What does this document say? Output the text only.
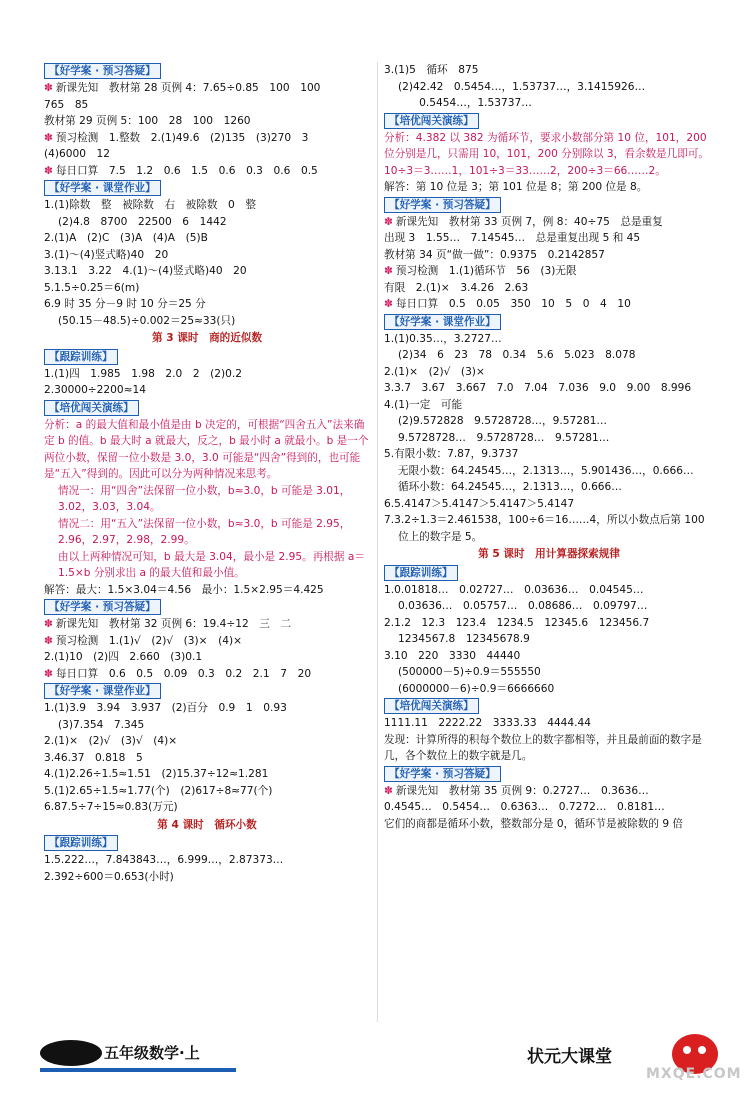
【好学案 · 预习答疑】
✽ 新课先知　教材第 28 页例 4：7.65÷0.85　100　100
765　85
教材第 29 页例 5：100　28　100　1260
✽ 预习检测　1.整数　2.(1)49.6　(2)135　(3)270　3
(4)6000　12
✽ 每日口算　7.5　1.2　0.6　1.5　0.6　0.3　0.6　0.5
【好学案 · 课堂作业】
1.(1)除数　整　被除数　右　被除数　0　整
(2)4.8　8700　22500　6　1442
2.(1)A　(2)C　(3)A　(4)A　(5)B
3.(1)～(4)竖式略)40　20
3.13.1　3.22　4.(1)～(4)竖式略)40　20
5.1.5÷0.25＝6(m)
6.9 时 35 分－9 时 10 分＝25 分
(50.15－48.5)÷0.002＝25≈33(只)
第 3 课时　商的近似数
【跟踪训练】
1.(1)四　1.985　1.98　2.0　2　(2)0.2
2.30000÷2200≈14
【培优闯关演练】
分析：a 的最大值和最小值是由 b 决定的，可根据“四舍五入”法来确定 b 的值。b 最大时 a 就最大，反之，b 最小时 a 就最小。b 是一个两位小数，保留一位小数是 3.0，3.0 可能是“四舍”得到的，也可能是“五入”得到的。因此可以分为两种情况来思考。
情况一：用“四舍”法保留一位小数，b≈3.0，b 可能是 3.01，3.02，3.03，3.04。
情况二：用“五入”法保留一位小数，b≈3.0，b 可能是 2.95，2.96，2.97，2.98，2.99。
由以上两种情况可知，b 最大是 3.04，最小是 2.95。再根据 a＝1.5×b 分别求出 a 的最大值和最小值。
解答：最大：1.5×3.04＝4.56　最小：1.5×2.95＝4.425
【好学案 · 预习答疑】
✽ 新课先知　教材第 32 页例 6：19.4÷12　三　二
✽ 预习检测　1.(1)√　(2)√　(3)×　(4)×
2.(1)10　(2)四　2.660　(3)0.1
✽ 每日口算　0.6　0.5　0.09　0.3　0.2　2.1　7　20
【好学案 · 课堂作业】
1.(1)3.9　3.94　3.937　(2)百分　0.9　1　0.93
(3)7.354　7.345
2.(1)×　(2)√　(3)√　(4)×
3.46.37　0.818　5
4.(1)2.26÷1.5≈1.51　(2)15.37÷12≈1.281
5.(1)2.65÷1.5≈1.77(个)　(2)617÷8≈77(个)
6.87.5÷7÷15≈0.83(万元)
第 4 课时　循环小数
【跟踪训练】
1.5.222…，7.843843…，6.999…，2.87373…
2.392÷600＝0.653(小时)
3.(1)5　循环　875
(2)42.42　0.5454…，1.53737…，3.1415926…
　　0.5454…，1.53737…
【培优闯关演练】
分析：4.382 以 382 为循环节，要求小数部分第 10 位，101，200 位分别是几，只需用 10，101，200 分别除以 3，看余数是几即可。10÷3＝3……1，101÷3＝33……2，200÷3＝66……2。
解答：第 10 位是 3；第 101 位是 8；第 200 位是 8。
【好学案 · 预习答疑】
✽ 新课先知　教材第 33 页例 7，例 8：40÷75　总是重复
出现 3　1.55…　7.14545…　总是重复出现 5 和 45
教材第 34 页“做一做”：0.9375　0.2142857
✽ 预习检测　1.(1)循环节　56　(3)无限
有限　2.(1)×　3.4.26　2.63
✽ 每日口算　0.5　0.05　350　10　5　0　4　10
【好学案 · 课堂作业】
1.(1)0.35…，3.2727…
(2)34　6　23　78　0.34　5.6　5.023　8.078
2.(1)×　(2)√　(3)×
3.3.7　3.67　3.667　7.0　7.04　7.036　9.0　9.00　8.996
4.(1)一定　可能
(2)9.572828　9.5728728…，9.57281…
9.5728728…　9.5728728…　9.57281…
5.有限小数：7.87，9.3737
无限小数：64.24545…，2.1313…，5.901436…，0.666…
循环小数：64.24545…，2.1313…，0.666…
6.5.4147＞5.4147＞5.4147＞5.4147
7.3.2÷1.3＝2.461538，100÷6＝16……4，所以小数点后第 100
位上的数字是 5。
第 5 课时　用计算器探索规律
【跟踪训练】
1.0.01818…　0.02727…　0.03636…　0.04545…
0.03636…　0.05757…　0.08686…　0.09797…
2.1.2　12.3　123.4　1234.5　12345.6　123456.7
1234567.8　12345678.9
3.10　220　3330　44440
(500000－5)÷0.9＝555550
(6000000－6)÷0.9＝6666660
【培优闯关演练】
1111.11　2222.22　3333.33　4444.44
发现：计算所得的积每个数位上的数字都相等，并且最前面的数字是几，各个数位上的数字就是几。
【好学案 · 预习答疑】
✽ 新课先知　教材第 35 页例 9：0.2727…　0.3636…
0.4545…　0.5454…　0.6363…　0.7272…　0.8181…
它们的商都是循环小数，整数部分是 0，循环节是被除数的 9 倍
五年级数学·上	状元大课堂
MXQE.COM
